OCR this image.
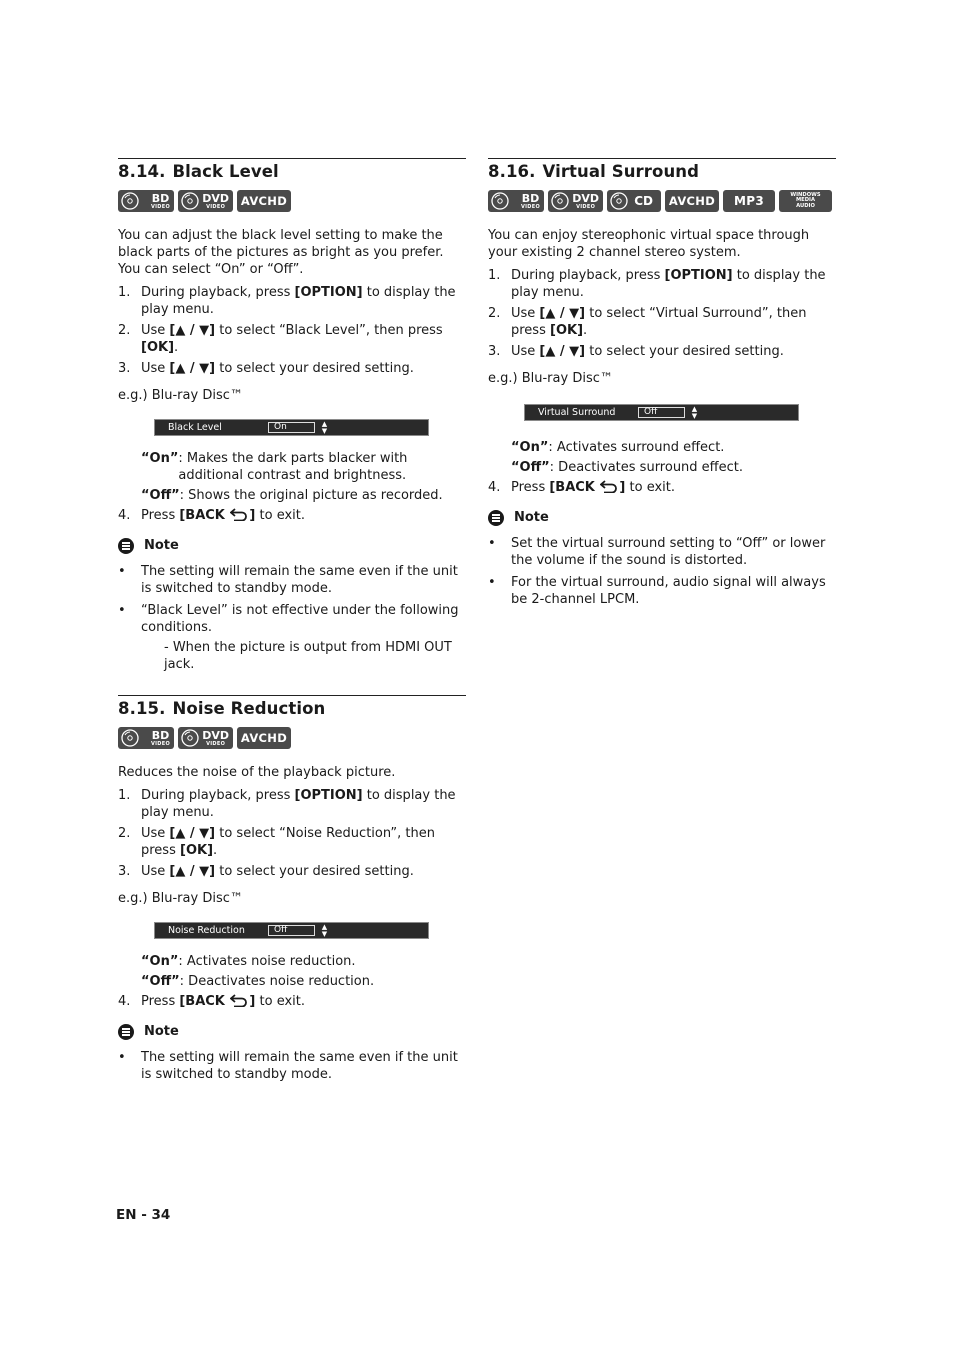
8.14. Black Level
BD
VIDEO
DVD
VIDEO	AVCHD

You can adjust the black level setting to make the black parts of the pictures as bright as you prefer. You can select “On” or “Off”.

1. During playback, press [OPTION] to display the play menu.
2. Use [▲ / ▼] to select “Black Level”, then press [OK].
3. Use [▲ / ▼] to select your desired setting.

e.g.) Blu-ray Disc™

Black Level	On	▲
▼
“On” : Makes the dark parts blacker with additional contrast and brightness.
“Off” : Shows the original picture as recorded.
4. Press [BACK ] to exit.
Note
•	The setting will remain the same even if the unit is switched to standby mode.
•	“Black Level” is not effective under the following conditions.

- When the picture is output from HDMI OUT jack.

8.15. Noise Reduction
BD
VIDEO
DVD
VIDEO	AVCHD

Reduces the noise of the playback picture.

1. During playback, press [OPTION] to display the play menu.
2. Use [▲ / ▼] to select “Noise Reduction”, then press [OK].
3. Use [▲ / ▼] to select your desired setting.

e.g.) Blu-ray Disc™

Noise Reduction	Off	▲
▼
“On” : Activates noise reduction.
“Off” : Deactivates noise reduction.
4. Press [BACK ] to exit.
Note
•	The setting will remain the same even if the unit is switched to standby mode.
8.16. Virtual Surround
BD
VIDEO
DVD
VIDEO	CD	AVCHD	MP3	WINDOWS
MEDIA
AUDIO

You can enjoy stereophonic virtual space through your existing 2 channel stereo system.

1. During playback, press [OPTION] to display the play menu.
2. Use [▲ / ▼] to select “Virtual Surround”, then press [OK].
3. Use [▲ / ▼] to select your desired setting.

e.g.) Blu-ray Disc™

Virtual Surround	Off	▲
▼
“On” : Activates surround effect.
“Off” : Deactivates surround effect.
4. Press [BACK ] to exit.
Note
•	Set the virtual surround setting to “Off” or lower the volume if the sound is distorted.
•	For the virtual surround, audio signal will always be 2-channel LPCM.
EN - 34
